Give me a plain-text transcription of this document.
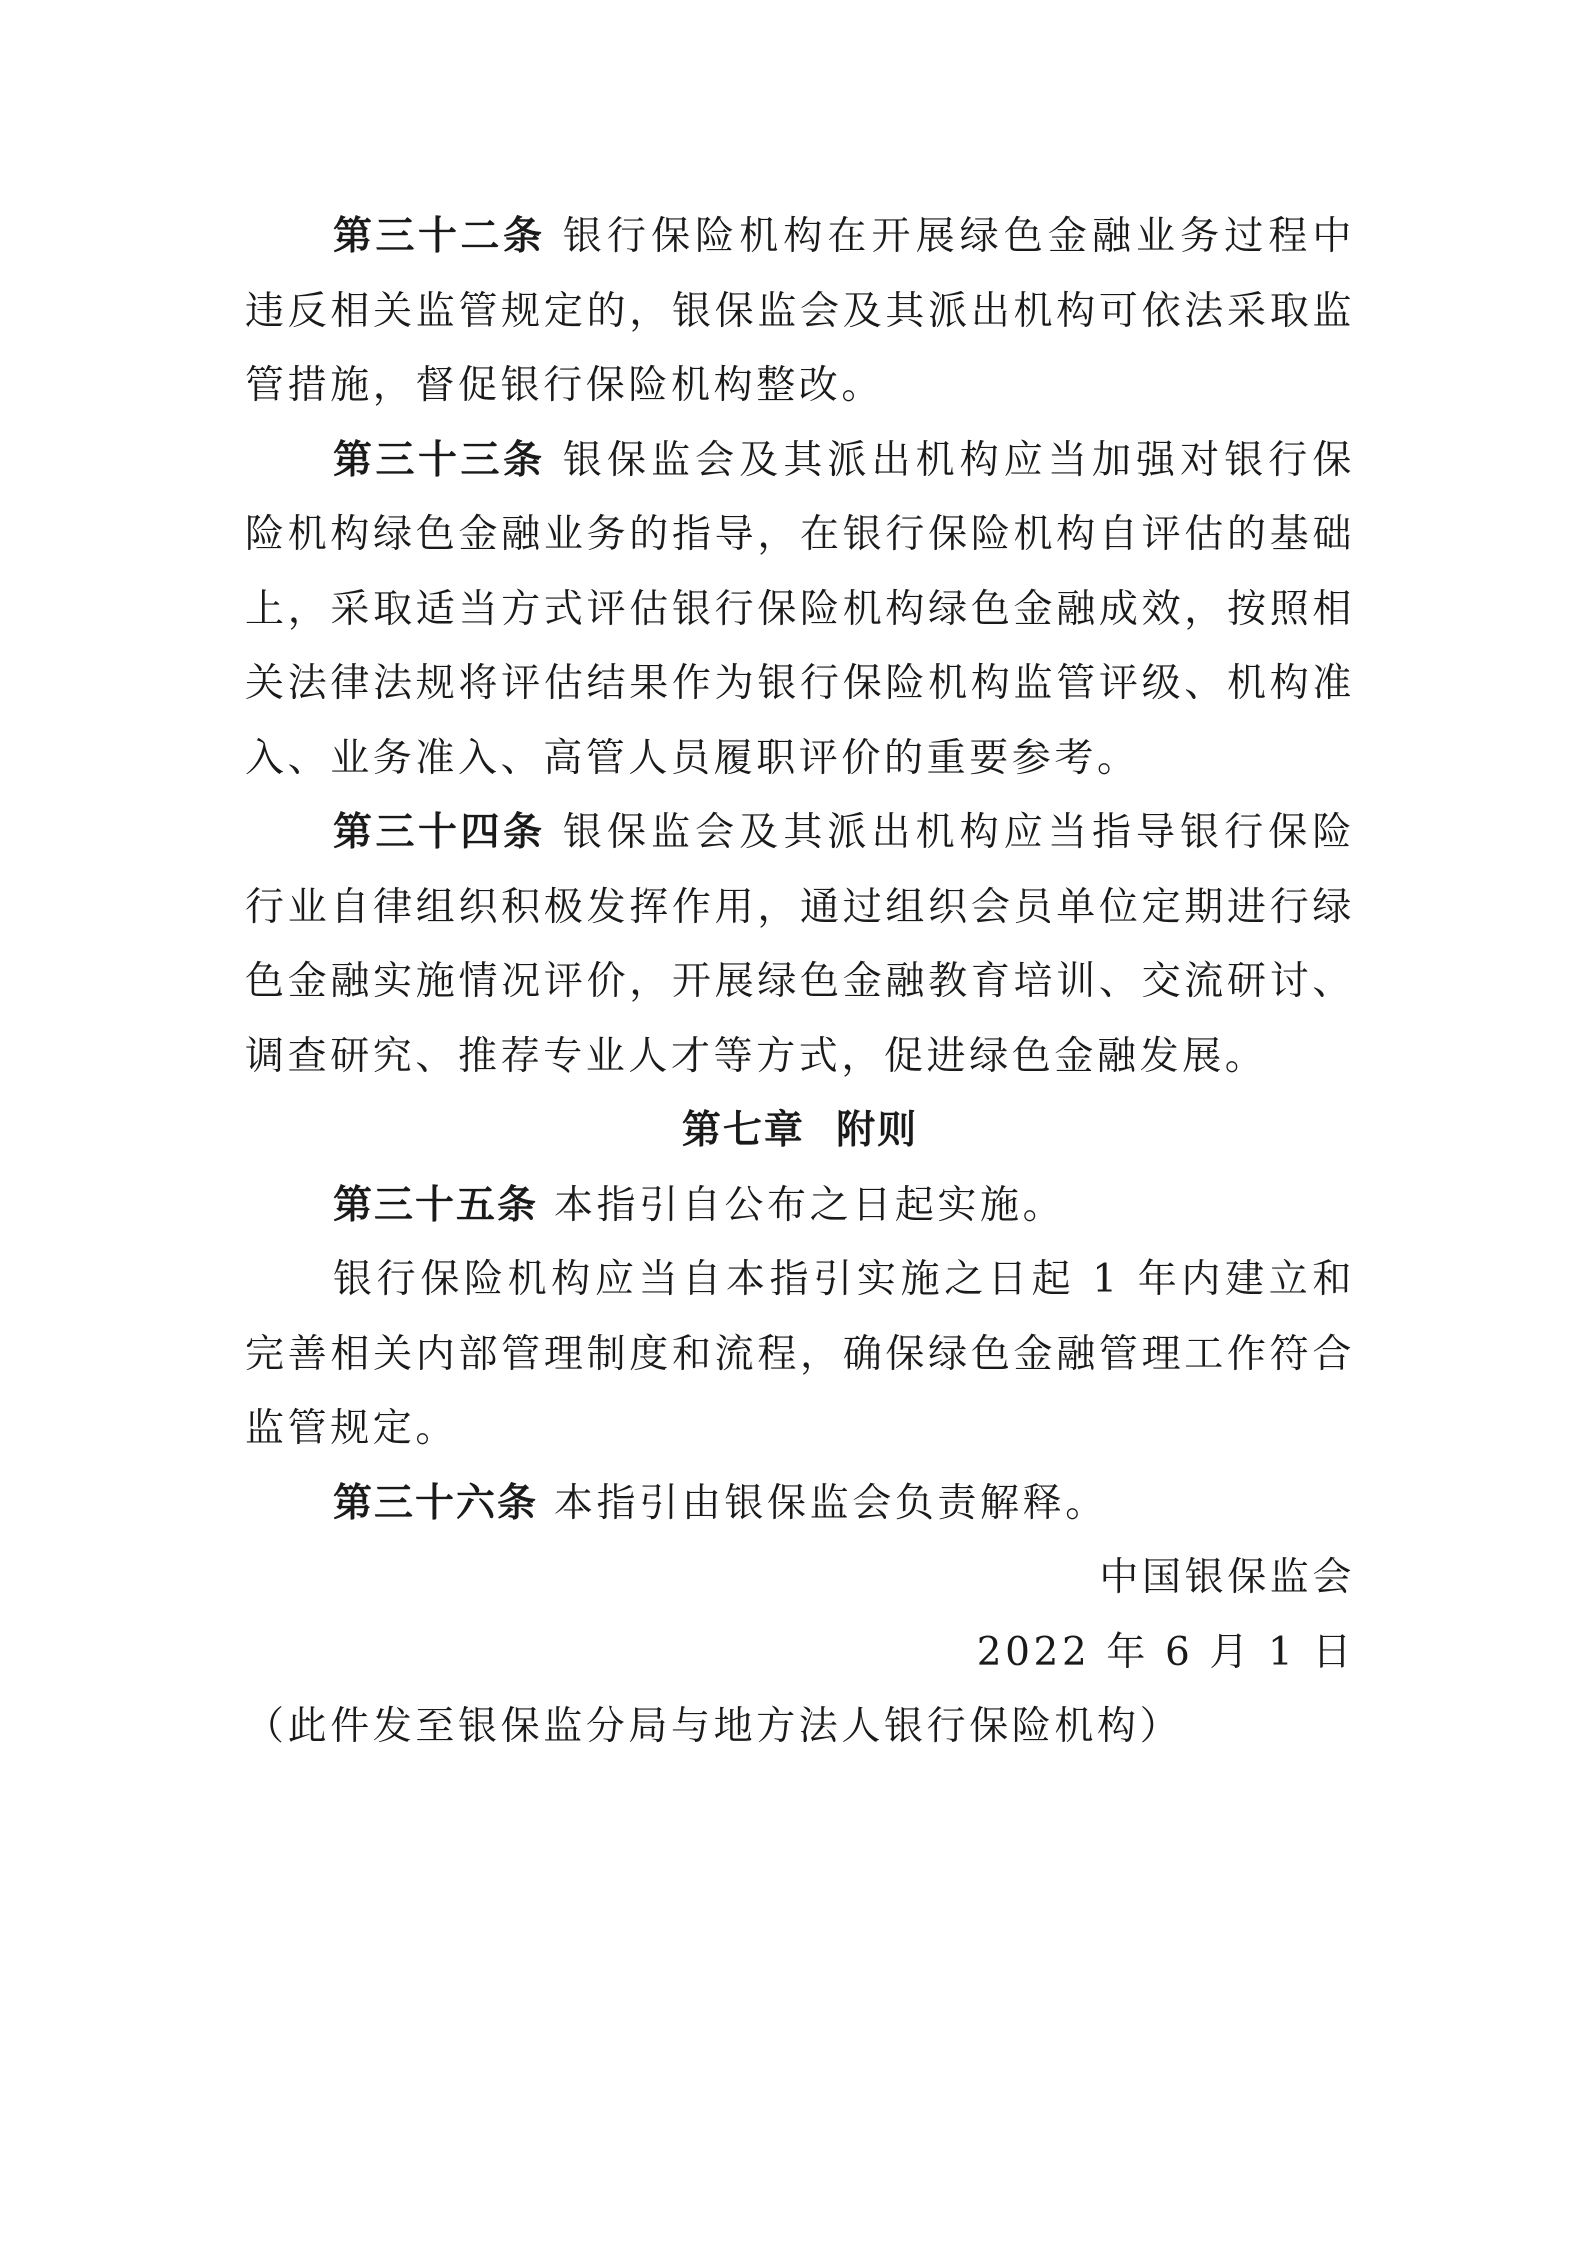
第三十二条 银行保险机构在开展绿色金融业务过程中违反相关监管规定的，银保监会及其派出机构可依法采取监管措施，督促银行保险机构整改。

第三十三条 银保监会及其派出机构应当加强对银行保险机构绿色金融业务的指导，在银行保险机构自评估的基础上，采取适当方式评估银行保险机构绿色金融成效，按照相关法律法规将评估结果作为银行保险机构监管评级、机构准入、业务准入、高管人员履职评价的重要参考。

第三十四条 银保监会及其派出机构应当指导银行保险行业自律组织积极发挥作用，通过组织会员单位定期进行绿色金融实施情况评价，开展绿色金融教育培训、交流研讨、调查研究、推荐专业人才等方式，促进绿色金融发展。

第七章  附则

第三十五条 本指引自公布之日起实施。

银行保险机构应当自本指引实施之日起 1 年内建立和完善相关内部管理制度和流程，确保绿色金融管理工作符合监管规定。

第三十六条 本指引由银保监会负责解释。

中国银保监会

2022 年 6 月 1 日

（此件发至银保监分局与地方法人银行保险机构）
